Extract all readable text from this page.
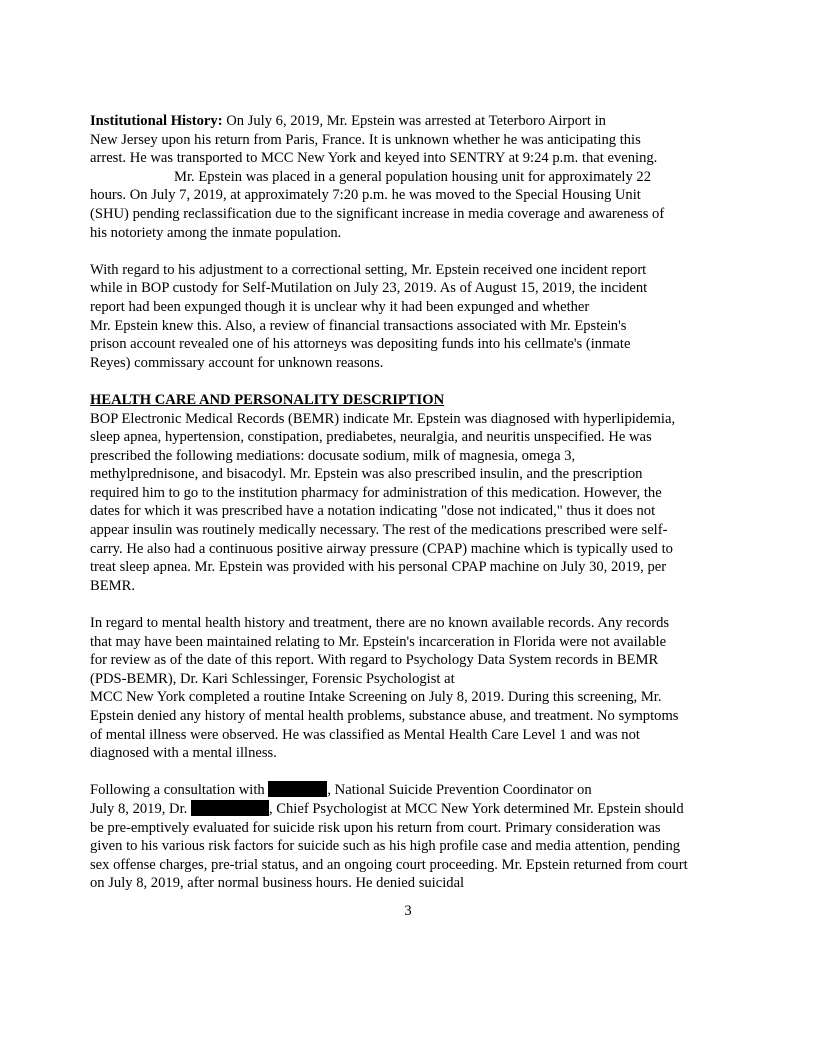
Institutional History: On July 6, 2019, Mr. Epstein was arrested at Teterboro Airport in
New Jersey upon his return from Paris, France. It is unknown whether he was anticipating this
arrest. He was transported to MCC New York and keyed into SENTRY at 9:24 p.m. that evening.
Mr. Epstein was placed in a general population housing unit for approximately 22
hours. On July 7, 2019, at approximately 7:20 p.m. he was moved to the Special Housing Unit
(SHU) pending reclassification due to the significant increase in media coverage and awareness of
his notoriety among the inmate population.
With regard to his adjustment to a correctional setting, Mr. Epstein received one incident report
while in BOP custody for Self-Mutilation on July 23, 2019. As of August 15, 2019, the incident
report had been expunged though it is unclear why it had been expunged and whether
Mr. Epstein knew this. Also, a review of financial transactions associated with Mr. Epstein's
prison account revealed one of his attorneys was depositing funds into his cellmate's (inmate
Reyes) commissary account for unknown reasons.
HEALTH CARE AND PERSONALITY DESCRIPTION
BOP Electronic Medical Records (BEMR) indicate Mr. Epstein was diagnosed with hyperlipidemia,
sleep apnea, hypertension, constipation, prediabetes, neuralgia, and neuritis unspecified. He was
prescribed the following mediations: docusate sodium, milk of magnesia, omega 3,
methylprednisone, and bisacodyl. Mr. Epstein was also prescribed insulin, and the prescription
required him to go to the institution pharmacy for administration of this medication. However, the
dates for which it was prescribed have a notation indicating "dose not indicated," thus it does not
appear insulin was routinely medically necessary. The rest of the medications prescribed were self-
carry. He also had a continuous positive airway pressure (CPAP) machine which is typically used to
treat sleep apnea. Mr. Epstein was provided with his personal CPAP machine on July 30, 2019, per
BEMR.
In regard to mental health history and treatment, there are no known available records. Any records
that may have been maintained relating to Mr. Epstein's incarceration in Florida were not available
for review as of the date of this report. With regard to Psychology Data System records in BEMR
(PDS-BEMR), Dr. Kari Schlessinger, Forensic Psychologist at
MCC New York completed a routine Intake Screening on July 8, 2019. During this screening, Mr.
Epstein denied any history of mental health problems, substance abuse, and treatment. No symptoms
of mental illness were observed. He was classified as Mental Health Care Level 1 and was not
diagnosed with a mental illness.
Following a consultation with	, National Suicide Prevention Coordinator on
July 8, 2019, Dr.	, Chief Psychologist at MCC New York determined Mr. Epstein should
be pre-emptively evaluated for suicide risk upon his return from court. Primary consideration was
given to his various risk factors for suicide such as his high profile case and media attention, pending
sex offense charges, pre-trial status, and an ongoing court proceeding. Mr. Epstein returned from court
on July 8, 2019, after normal business hours. He denied suicidal
3
